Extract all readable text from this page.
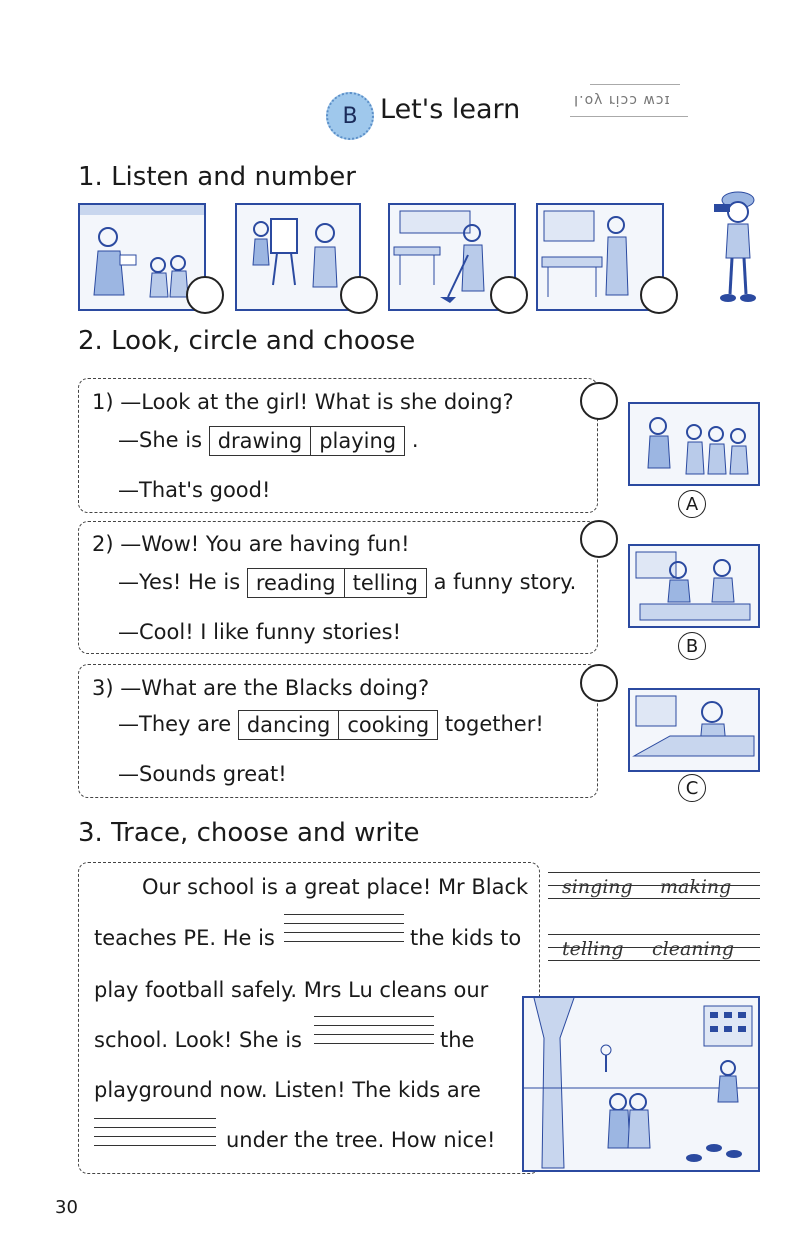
B Let's learn	I.oy riɔɔ wɔɪ
1. Listen and number
2. Look, circle and choose
1) —Look at the girl! What is she doing?
—She is drawing playing .
—That's good!
2) —Wow! You are having fun!
—Yes! He is reading telling a funny story.
—Cool! I like funny stories!
3) —What are the Blacks doing?
—They are dancing cooking together!
—Sounds great!
A
B
C
3. Trace, choose and write
Our school is a great place! Mr Black
teaches PE. He is	the kids to
play football safely. Mrs Lu cleans our
school. Look! She is	the
playground now. Listen! The kids are
under the tree. How nice!
singing making
telling cleaning
30
